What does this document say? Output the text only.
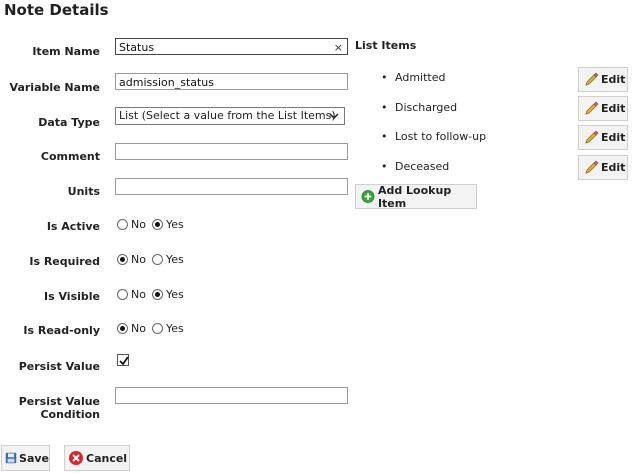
Note Details
Item Name
Variable Name
Data Type
Comment
Units
Is Active
Is Required
Is Visible
Is Read-only
Persist Value
Persist Value
Condition
Status	×
admission_status
List (Select a value from the List Items)
No Yes
No Yes
No Yes
No Yes
List Items
• Admitted
• Discharged
• Lost to follow-up
• Deceased
Edit
Edit
Edit
Edit
Add Lookup Item
Save	Cancel
